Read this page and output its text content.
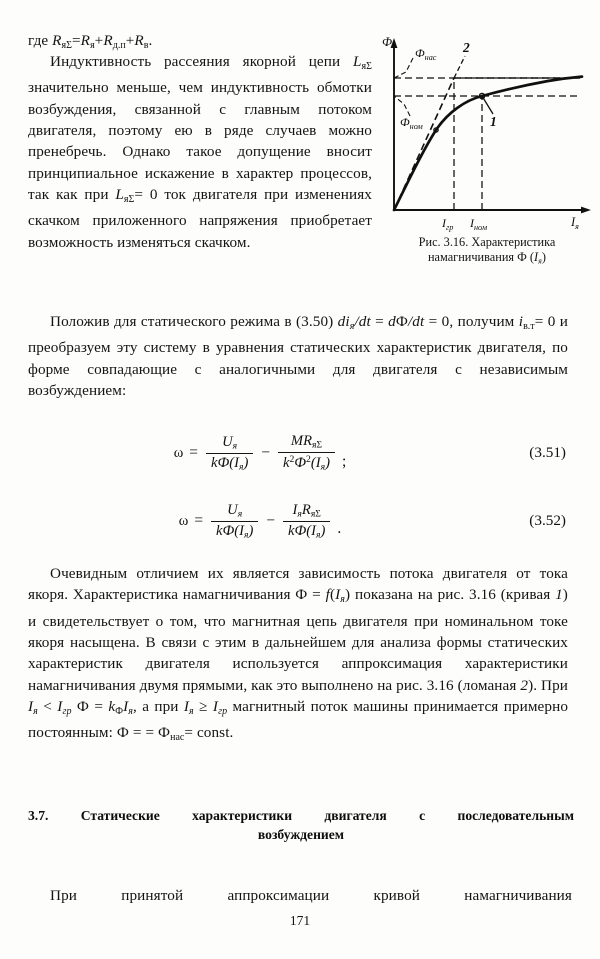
где $R_{я\Sigma}=R_я+R_{д.п}+R_в$.
Индуктивность рассеяния якорной цепи $L_{я\Sigma}$ значительно меньше, чем индуктивность обмотки возбуждения, связанной с главным потоком двигателя, поэтому ею в ряде случаев можно пренебречь. Однако такое допущение вносит принципиальное искажение в характер процессов, так как при $L_{я\Sigma}= 0$ ток двигателя при изменениях скачком приложенного напряжения приобретает возможность изменяться скачком.
Ф
$I_я$
$Ф_{нас}$
$Ф_{ном}$
2
1
$I_{гр}$ $I_{ном}$
Рис. 3.16. Характеристика
намагничивания Ф (Iя)
Положив для статического режима в (3.50) diя/dt = dФ/dt = 0, получим $i_{в.т}= 0$ и преобразуем эту систему в уравнения статических характеристик двигателя, по форме совпадающие с аналогичными для двигателя с независимым возбуждением:
$\omega = \frac{Uя}{kФ(Iя)} - \frac{MR_{я\Sigma}}{k^2Ф^2(Iя)}$ ;
(3.51)
$\omega = \frac{Uя}{kФ(Iя)} - \frac{IяR_{я\Sigma}}{kФ(Iя)}$ .	(3.52)
Очевидным отличием их является зависимость потока двигателя от тока якоря. Характеристика намагничивания Ф = f(Iя) показана на рис. 3.16 (кривая 1) и свидетельствует о том, что магнитная цепь двигателя при номинальном токе якоря насыщена. В связи с этим в дальнейшем для анализа формы статических характеристик двигателя используется аппроксимация характеристики намагничивания двумя прямыми, как это выполнено на рис. 3.16 (ломаная 2). При Iя < Iгр $Ф = k_ФIя$, а при Iя ≥ Iгр магнитный поток машины принимается примерно постоянным: Ф = = $Ф_{нас}=$ const.
3.7. Статические характеристики двигателя с последовательным
возбуждением
При принятой аппроксимации кривой намагничивания
171
